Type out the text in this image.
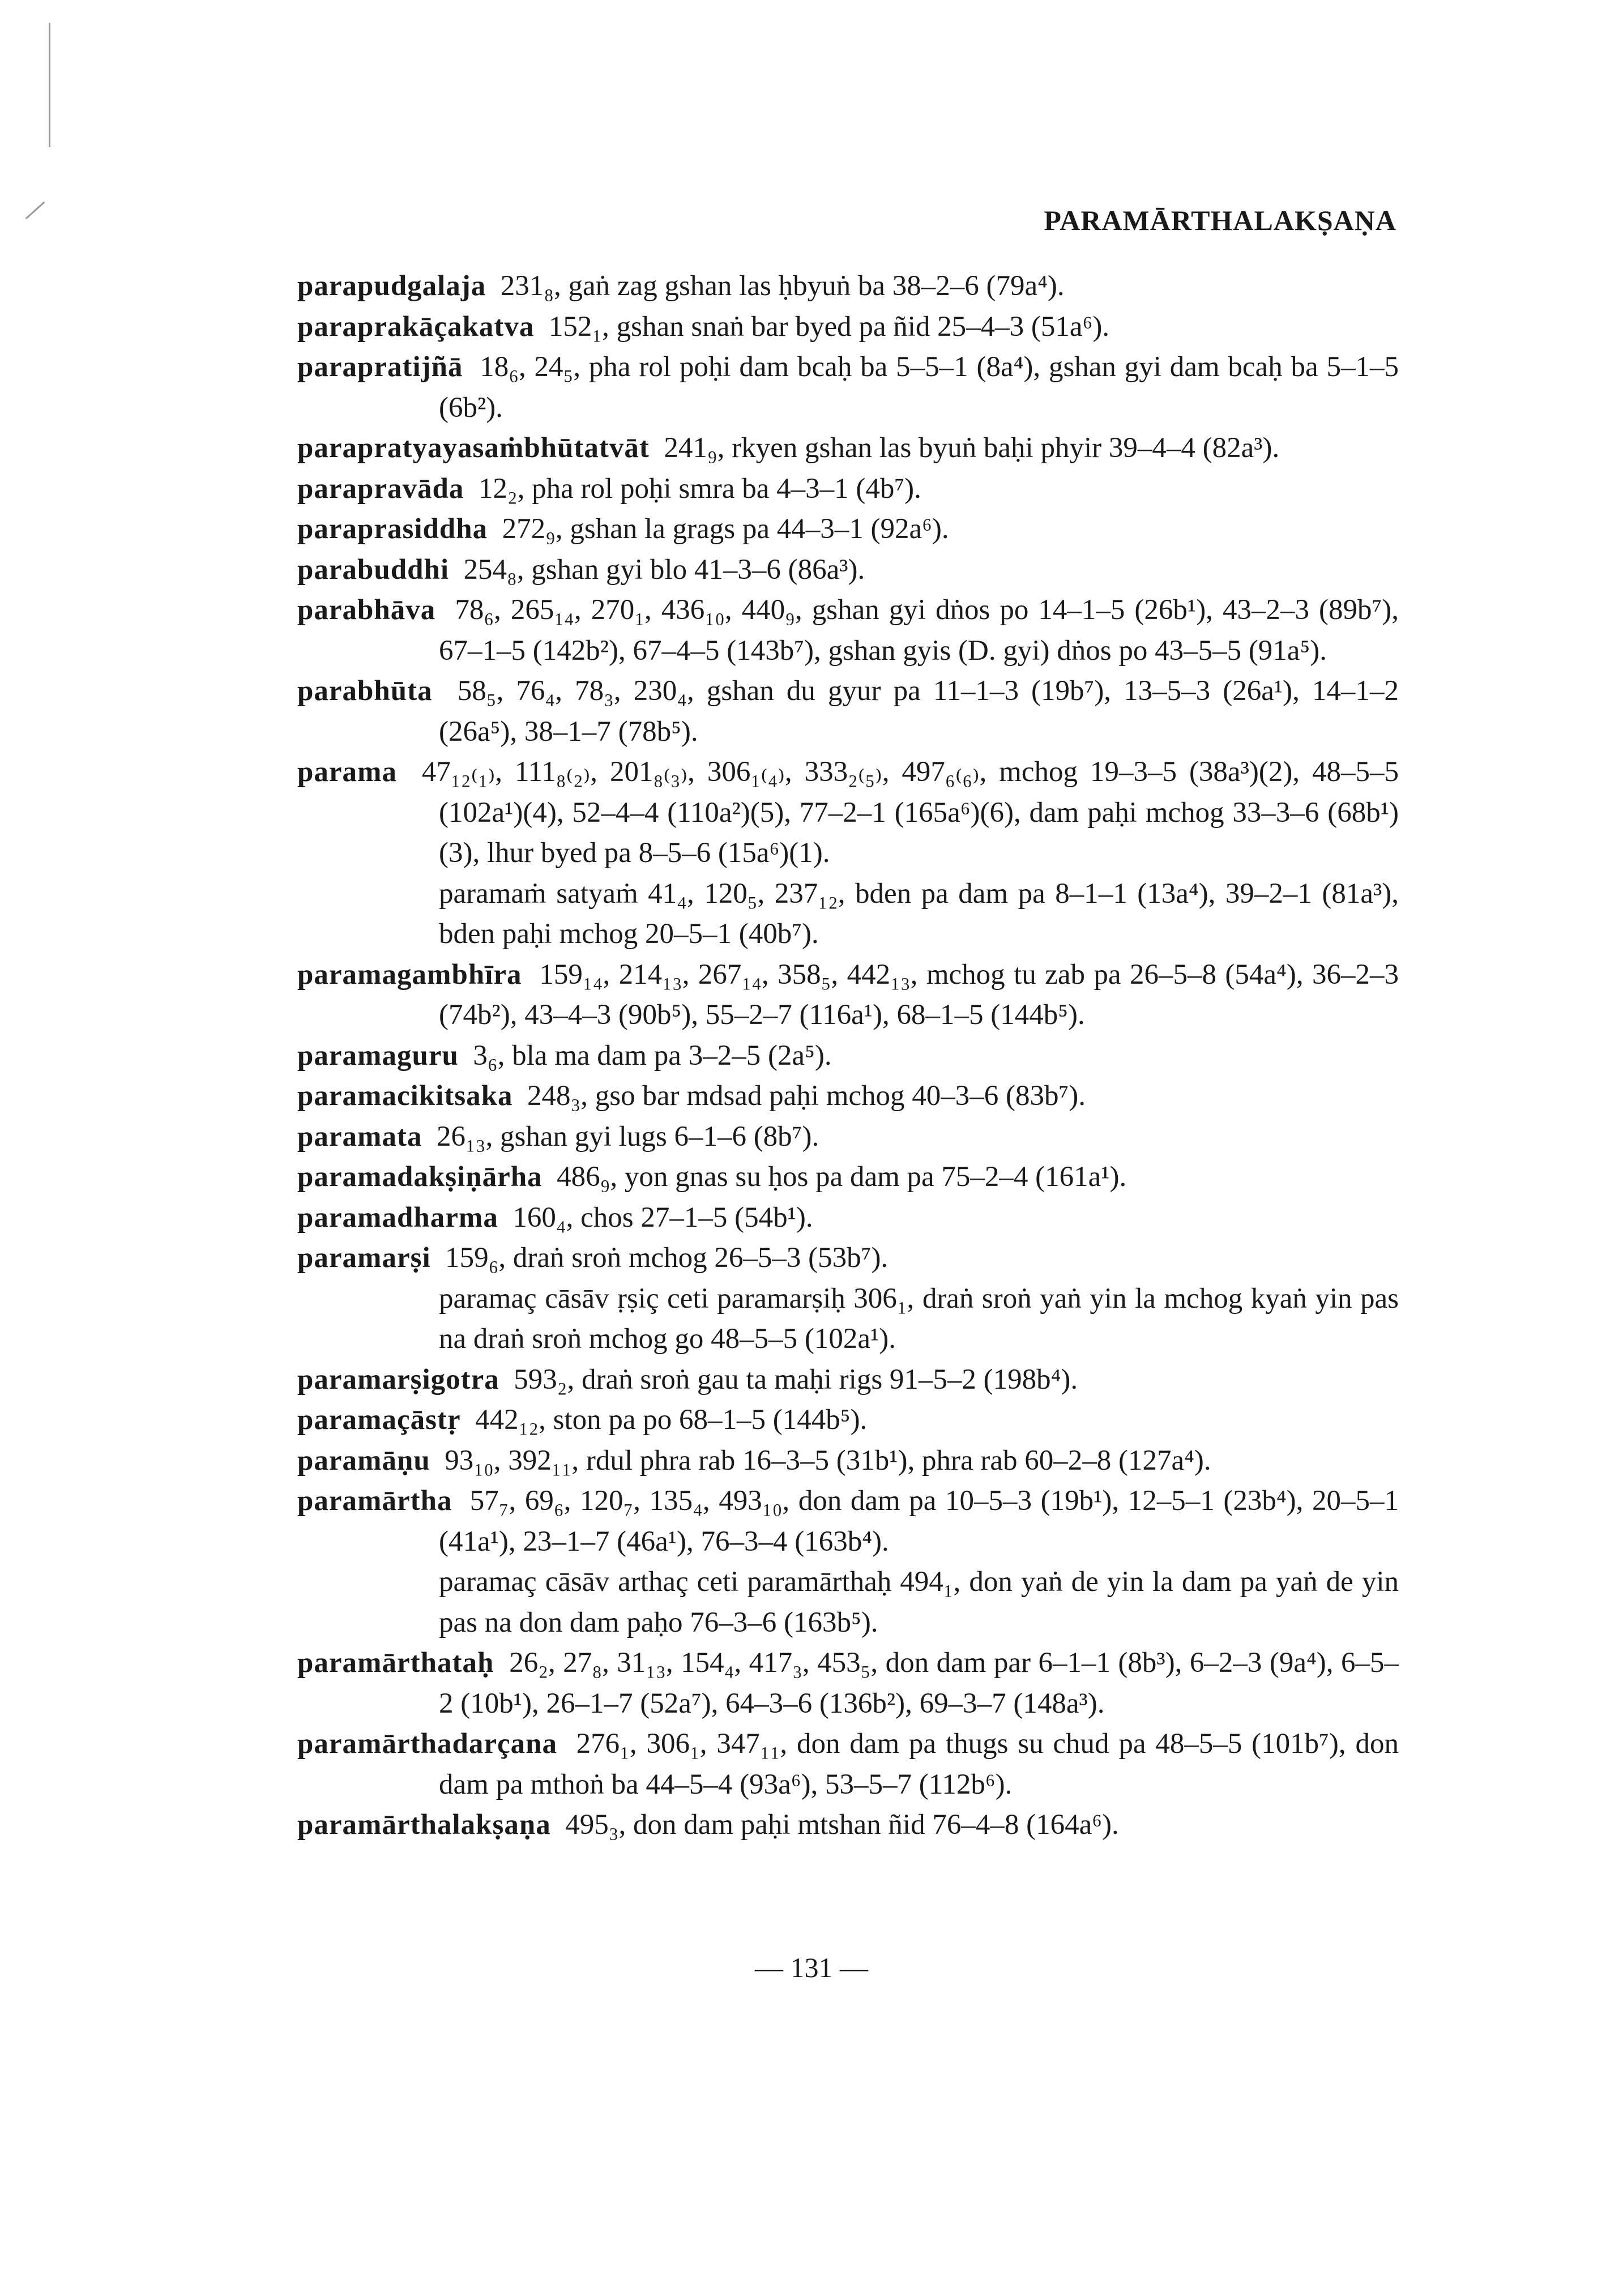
PARAMĀRTHALAKṢAṆA
parapudgalaja 231₈, gaṅ zag gshan las ḥbyuṅ ba 38–2–6 (79a⁴).
paraprakāçakatva 152₁, gshan snaṅ bar byed pa ñid 25–4–3 (51a⁶).
parapratijñā 18₆, 24₅, pha rol poḥi dam bcaḥ ba 5–5–1 (8a⁴), gshan gyi dam bcaḥ ba 5–1–5 (6b²).
parapratyayasaṁbhūtatvāt 241₉, rkyen gshan las byuṅ baḥi phyir 39–4–4 (82a³).
parapravāda 12₂, pha rol poḥi smra ba 4–3–1 (4b⁷).
paraprasiddha 272₉, gshan la grags pa 44–3–1 (92a⁶).
parabuddhi 254₈, gshan gyi blo 41–3–6 (86a³).
parabhāva 78₆, 265₁₄, 270₁, 436₁₀, 440₉, gshan gyi dṅos po 14–1–5 (26b¹), 43–2–3 (89b⁷), 67–1–5 (142b²), 67–4–5 (143b⁷), gshan gyis (D. gyi) dṅos po 43–5–5 (91a⁵).
parabhūta 58₅, 76₄, 78₃, 230₄, gshan du gyur pa 11–1–3 (19b⁷), 13–5–3 (26a¹), 14–1–2 (26a⁵), 38–1–7 (78b⁵).
parama 47₁₂₍₁₎, 111₈₍₂₎, 201₈₍₃₎, 306₁₍₄₎, 333₂₍₅₎, 497₆₍₆₎, mchog 19–3–5 (38a³)(2), 48–5–5 (102a¹)(4), 52–4–4 (110a²)(5), 77–2–1 (165a⁶)(6), dam paḥi mchog 33–3–6 (68b¹)(3), lhur byed pa 8–5–6 (15a⁶)(1).
paramaṁ satyaṁ 41₄, 120₅, 237₁₂, bden pa dam pa 8–1–1 (13a⁴), 39–2–1 (81a³), bden paḥi mchog 20–5–1 (40b⁷).
paramagambhīra 159₁₄, 214₁₃, 267₁₄, 358₅, 442₁₃, mchog tu zab pa 26–5–8 (54a⁴), 36–2–3 (74b²), 43–4–3 (90b⁵), 55–2–7 (116a¹), 68–1–5 (144b⁵).
paramaguru 3₆, bla ma dam pa 3–2–5 (2a⁵).
paramacikitsaka 248₃, gso bar mdsad paḥi mchog 40–3–6 (83b⁷).
paramata 26₁₃, gshan gyi lugs 6–1–6 (8b⁷).
paramadakṣiṇārha 486₉, yon gnas su ḥos pa dam pa 75–2–4 (161a¹).
paramadharma 160₄, chos 27–1–5 (54b¹).
paramarṣi 159₆, draṅ sroṅ mchog 26–5–3 (53b⁷).
paramaç cāsāv ṛṣiç ceti paramarṣiḥ 306₁, draṅ sroṅ yaṅ yin la mchog kyaṅ yin pas na draṅ sroṅ mchog go 48–5–5 (102a¹).
paramarṣigotra 593₂, draṅ sroṅ gau ta maḥi rigs 91–5–2 (198b⁴).
paramaçāstṛ 442₁₂, ston pa po 68–1–5 (144b⁵).
paramāṇu 93₁₀, 392₁₁, rdul phra rab 16–3–5 (31b¹), phra rab 60–2–8 (127a⁴).
paramārtha 57₇, 69₆, 120₇, 135₄, 493₁₀, don dam pa 10–5–3 (19b¹), 12–5–1 (23b⁴), 20–5–1 (41a¹), 23–1–7 (46a¹), 76–3–4 (163b⁴).
paramaç cāsāv arthaç ceti paramārthaḥ 494₁, don yaṅ de yin la dam pa yaṅ de yin pas na don dam paḥo 76–3–6 (163b⁵).
paramārthataḥ 26₂, 27₈, 31₁₃, 154₄, 417₃, 453₅, don dam par 6–1–1 (8b³), 6–2–3 (9a⁴), 6–5–2 (10b¹), 26–1–7 (52a⁷), 64–3–6 (136b²), 69–3–7 (148a³).
paramārthadarçana 276₁, 306₁, 347₁₁, don dam pa thugs su chud pa 48–5–5 (101b⁷), don dam pa mthoṅ ba 44–5–4 (93a⁶), 53–5–7 (112b⁶).
paramārthalakṣaṇa 495₃, don dam paḥi mtshan ñid 76–4–8 (164a⁶).
— 131 —
